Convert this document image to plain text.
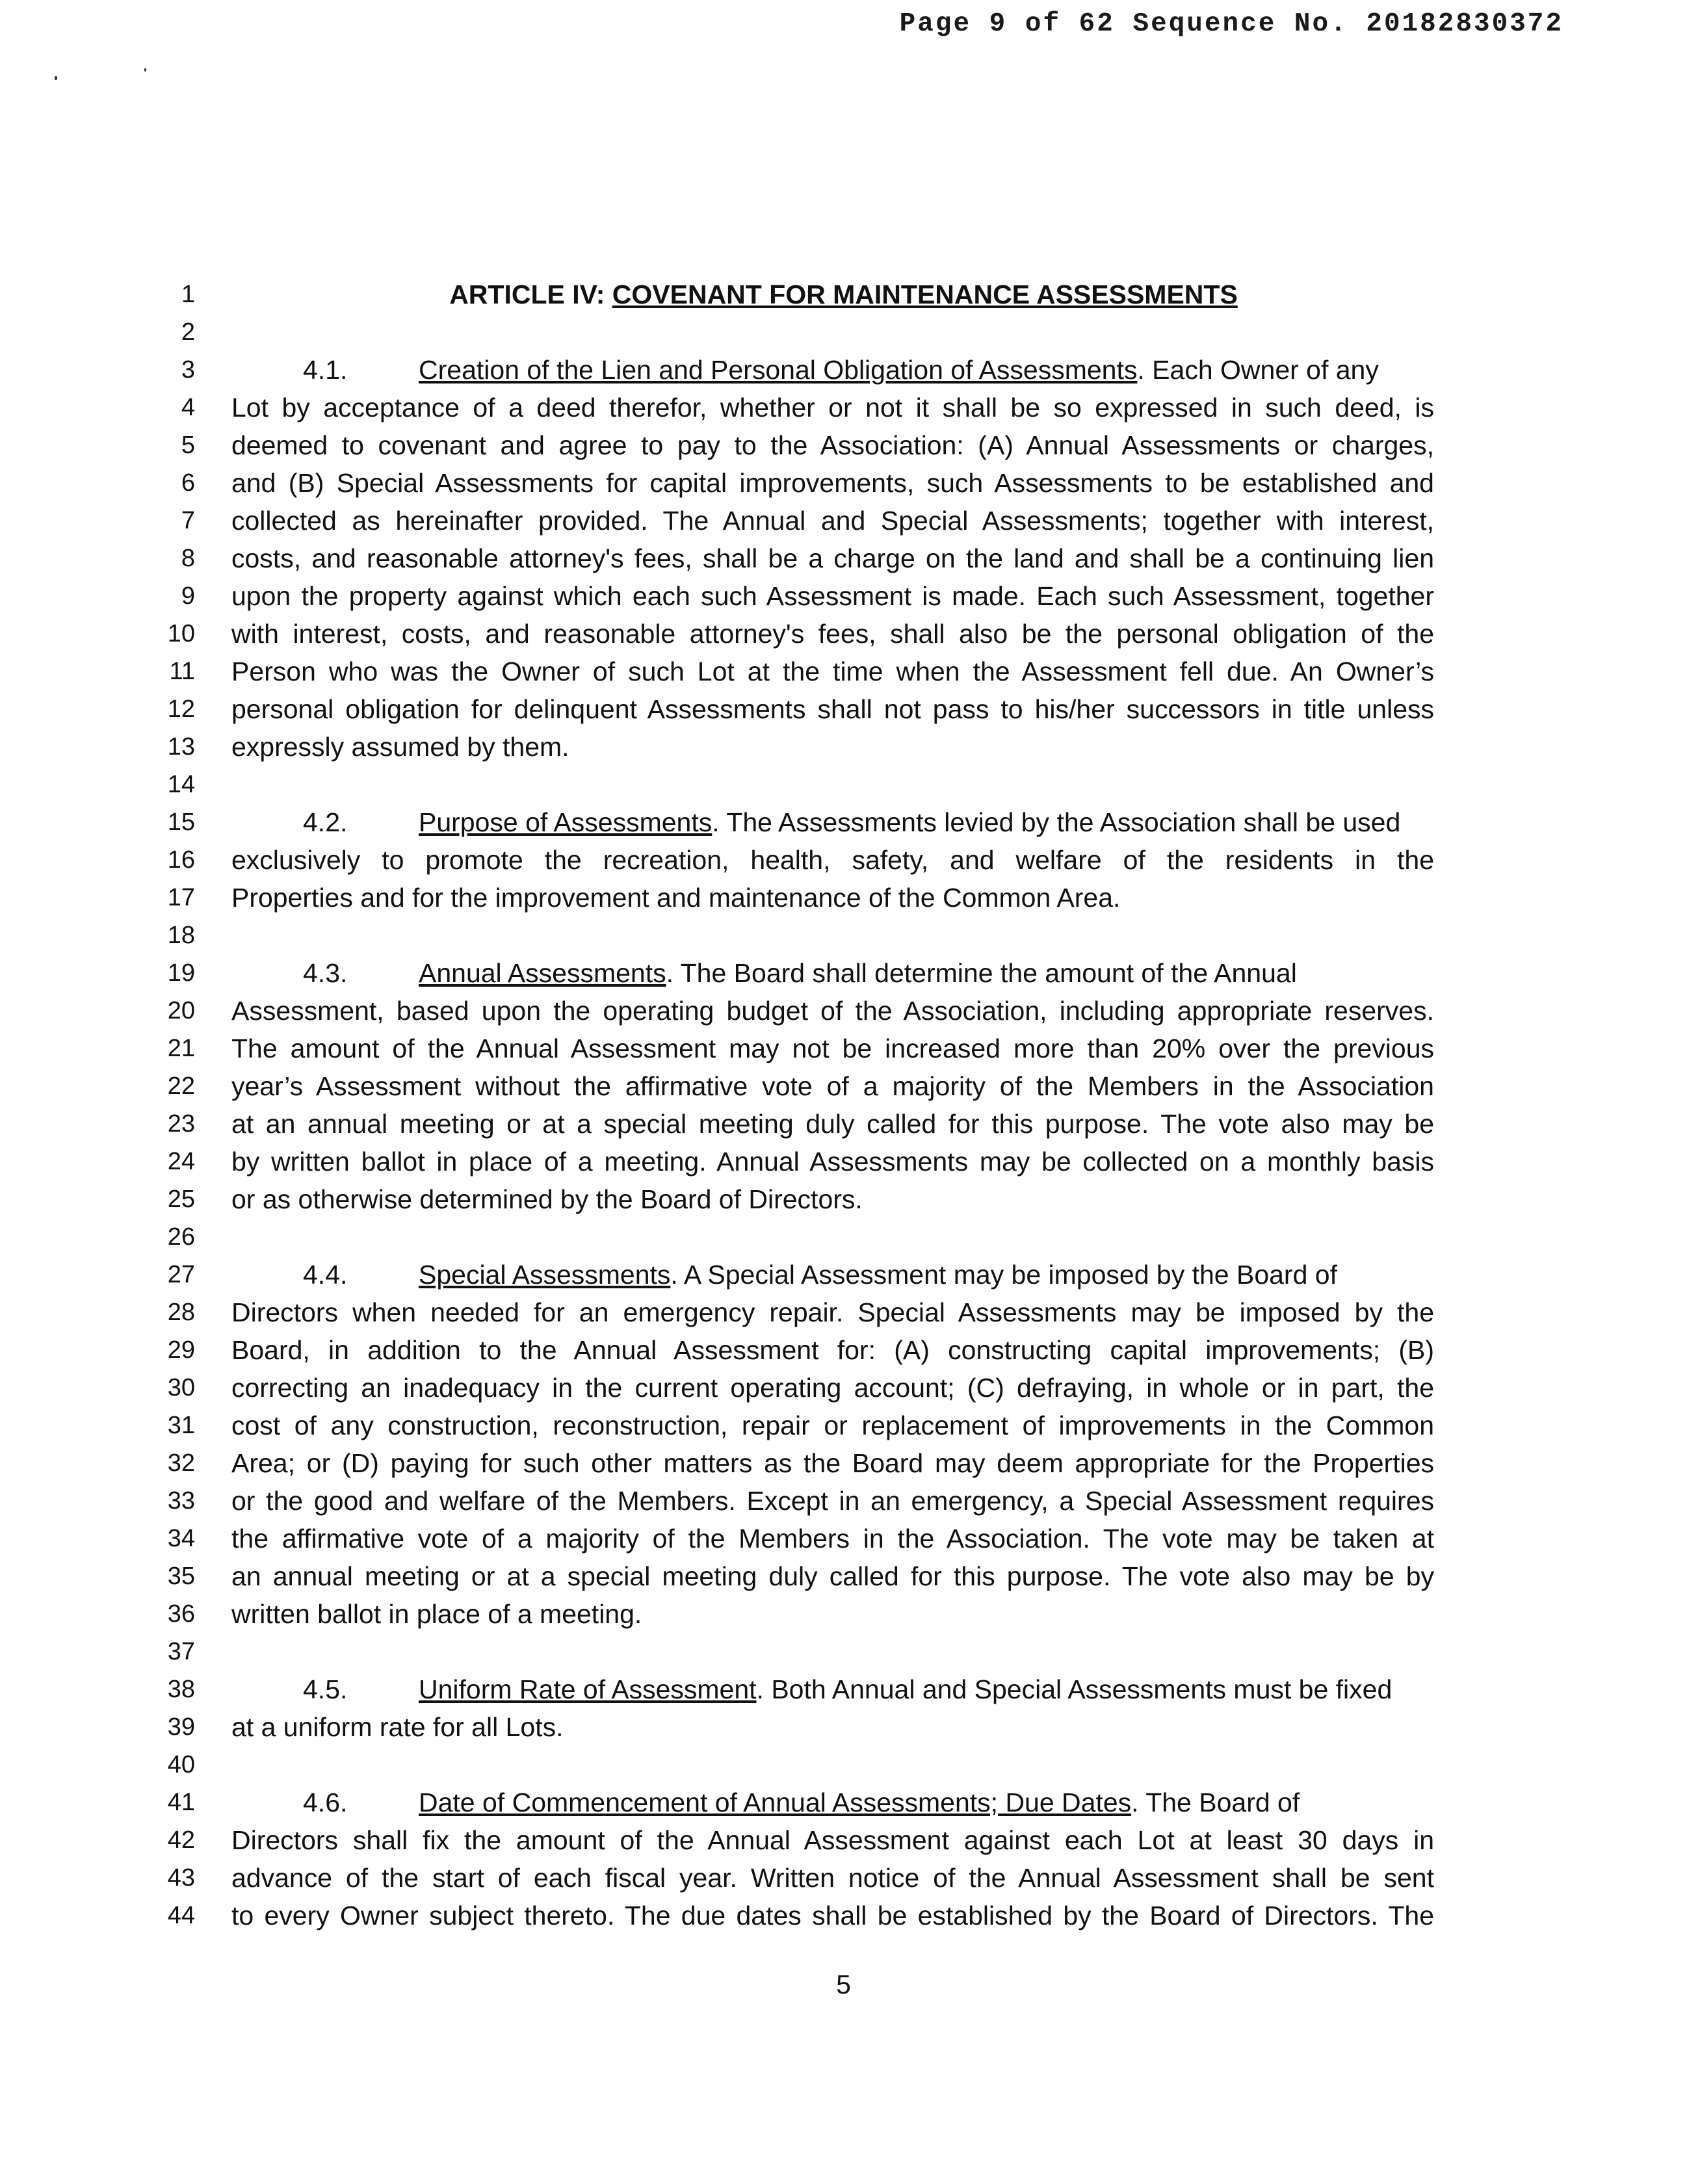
Page 9 of 62 Sequence No. 20182830372
1	ARTICLE IV: COVENANT FOR MAINTENANCE ASSESSMENTS
2
3	4.1.	Creation of the Lien and Personal Obligation of Assessments. Each Owner of any
4 Lot by acceptance of a deed therefor, whether or not it shall be so expressed in such deed, is
5 deemed to covenant and agree to pay to the Association: (A) Annual Assessments or charges,
6 and (B) Special Assessments for capital improvements, such Assessments to be established and
7 collected as hereinafter provided. The Annual and Special Assessments; together with interest,
8 costs, and reasonable attorney's fees, shall be a charge on the land and shall be a continuing lien
9 upon the property against which each such Assessment is made. Each such Assessment, together
10 with interest, costs, and reasonable attorney's fees, shall also be the personal obligation of the
11 Person who was the Owner of such Lot at the time when the Assessment fell due. An Owner’s
12 personal obligation for delinquent Assessments shall not pass to his/her successors in title unless
13 expressly assumed by them.
14
15	4.2.	Purpose of Assessments. The Assessments levied by the Association shall be used
16 exclusively to promote the recreation, health, safety, and welfare of the residents in the
17 Properties and for the improvement and maintenance of the Common Area.
18
19	4.3.	Annual Assessments. The Board shall determine the amount of the Annual
20 Assessment, based upon the operating budget of the Association, including appropriate reserves.
21 The amount of the Annual Assessment may not be increased more than 20% over the previous
22 year’s Assessment without the affirmative vote of a majority of the Members in the Association
23 at an annual meeting or at a special meeting duly called for this purpose. The vote also may be
24 by written ballot in place of a meeting. Annual Assessments may be collected on a monthly basis
25 or as otherwise determined by the Board of Directors.
26
27	4.4.	Special Assessments. A Special Assessment may be imposed by the Board of
28 Directors when needed for an emergency repair. Special Assessments may be imposed by the
29 Board, in addition to the Annual Assessment for: (A) constructing capital improvements; (B)
30 correcting an inadequacy in the current operating account; (C) defraying, in whole or in part, the
31 cost of any construction, reconstruction, repair or replacement of improvements in the Common
32 Area; or (D) paying for such other matters as the Board may deem appropriate for the Properties
33 or the good and welfare of the Members. Except in an emergency, a Special Assessment requires
34 the affirmative vote of a majority of the Members in the Association. The vote may be taken at
35 an annual meeting or at a special meeting duly called for this purpose. The vote also may be by
36 written ballot in place of a meeting.
37
38	4.5.	Uniform Rate of Assessment. Both Annual and Special Assessments must be fixed
39 at a uniform rate for all Lots.
40
41	4.6.	Date of Commencement of Annual Assessments; Due Dates. The Board of
42 Directors shall fix the amount of the Annual Assessment against each Lot at least 30 days in
43 advance of the start of each fiscal year. Written notice of the Annual Assessment shall be sent
44 to every Owner subject thereto. The due dates shall be established by the Board of Directors. The
5
